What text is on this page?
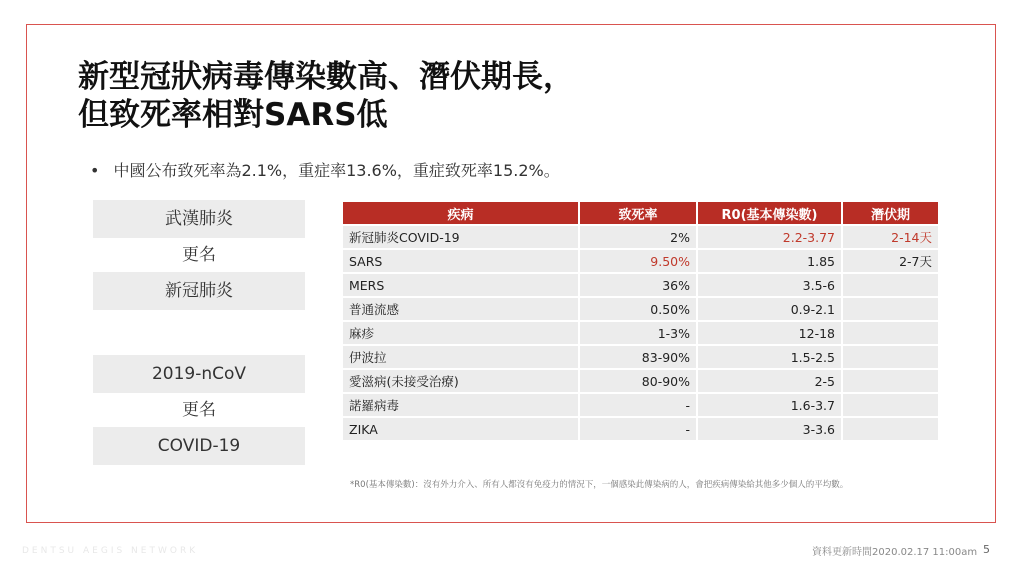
新型冠狀病毒傳染數高、潛伏期長，
但致死率相對SARS低
• 中國公布致死率為2.1%，重症率13.6%，重症致死率15.2%。
武漢肺炎
更名
新冠肺炎
2019-nCoV
更名
COVID-19
疾病	致死率	R0(基本傳染數)	潛伏期
新冠肺炎COVID-19	2%	2.2-3.77	2-14天
SARS	9.50%	1.85	2-7天
MERS	36%	3.5-6	
普通流感	0.50%	0.9-2.1	
麻疹	1-3%	12-18	
伊波拉	83-90%	1.5-2.5	
愛滋病(未接受治療)	80-90%	2-5	
諾羅病毒	-	1.6-3.7	
ZIKA	-	3-3.6	
*R0(基本傳染數)：沒有外力介入、所有人都沒有免疫力的情況下，一個感染此傳染病的人，會把疾病傳染給其他多少個人的平均數。
DENTSU AEGIS NETWORK	資料更新時間2020.02.17 11:00am 5
